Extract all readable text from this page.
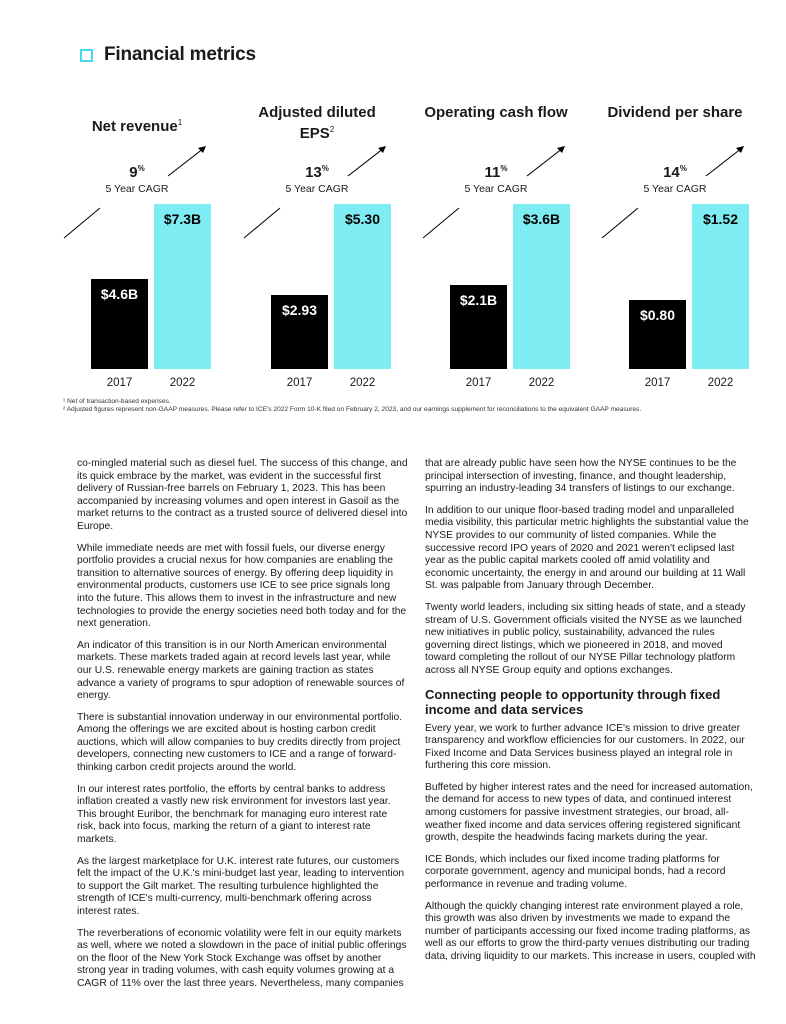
Financial metrics
Net revenue$^1$
9%
5 Year CAGR
$4.6B
$7.3B
2017	2022
Adjusted diluted EPS$^2$
13%
5 Year CAGR
$2.93
$5.30
2017	2022
Operating cash flow
11%
5 Year CAGR
$2.1B
$3.6B
2017	2022
Dividend per share
14%
5 Year CAGR
$0.80
$1.52
2017	2022
¹ Net of transaction-based expenses.
² Adjusted figures represent non-GAAP measures. Please refer to ICE's 2022 Form 10-K filed on February 2, 2023, and our earnings supplement for reconciliations to the equivalent GAAP measures.

co-mingled material such as diesel fuel. The success of this change, and its quick embrace by the market, was evident in the successful first delivery of Russian-free barrels on February 1, 2023. This has been accompanied by increasing volumes and open interest in Gasoil as the market returns to the contract as a trusted source of delivered diesel into Europe.

While immediate needs are met with fossil fuels, our diverse energy portfolio provides a crucial nexus for how companies are enabling the transition to alternative sources of energy. By offering deep liquidity in environmental products, customers use ICE to see price signals long into the future. This allows them to invest in the infrastructure and new technologies to provide the energy societies need both today and for the next generation.

An indicator of this transition is in our North American environmental markets. These markets traded again at record levels last year, while our U.S. renewable energy markets are gaining traction as states advance a variety of programs to spur adoption of renewable sources of energy.

There is substantial innovation underway in our environmental portfolio. Among the offerings we are excited about is hosting carbon credit auctions, which will allow companies to buy credits directly from project developers, connecting new customers to ICE and a range of forward-thinking carbon credit projects around the world.

In our interest rates portfolio, the efforts by central banks to address inflation created a vastly new risk environment for investors last year. This brought Euribor, the benchmark for managing euro interest rate risk, back into focus, marking the return of a giant to interest rate markets.

As the largest marketplace for U.K. interest rate futures, our customers felt the impact of the U.K.'s mini-budget last year, leading to intervention to support the Gilt market. The resulting turbulence highlighted the strength of ICE's multi-currency, multi-benchmark offering across interest rates.

The reverberations of economic volatility were felt in our equity markets as well, where we noted a slowdown in the pace of initial public offerings on the floor of the New York Stock Exchange was offset by another strong year in trading volumes, with cash equity volumes growing at a CAGR of 11% over the last three years. Nevertheless, many companies

that are already public have seen how the NYSE continues to be the principal intersection of investing, finance, and thought leadership, spurring an industry-leading 34 transfers of listings to our exchange.

In addition to our unique floor-based trading model and unparalleled media visibility, this particular metric highlights the substantial value the NYSE provides to our community of listed companies. While the successive record IPO years of 2020 and 2021 weren't eclipsed last year as the public capital markets cooled off amid volatility and economic uncertainty, the energy in and around our building at 11 Wall St. was palpable from January through December.

Twenty world leaders, including six sitting heads of state, and a steady stream of U.S. Government officials visited the NYSE as we launched new initiatives in public policy, sustainability, advanced the rules governing direct listings, which we pioneered in 2018, and moved toward completing the rollout of our NYSE Pillar technology platform across all NYSE Group equity and options exchanges.

Connecting people to opportunity through fixed income and data services

Every year, we work to further advance ICE's mission to drive greater transparency and workflow efficiencies for our customers. In 2022, our Fixed Income and Data Services business played an integral role in furthering this core mission.

Buffeted by higher interest rates and the need for increased automation, the demand for access to new types of data, and continued interest among customers for passive investment strategies, our broad, all-weather fixed income and data services offering registered significant growth, despite the headwinds facing markets during the year.

ICE Bonds, which includes our fixed income trading platforms for corporate government, agency and municipal bonds, had a record performance in revenue and trading volume.

Although the quickly changing interest rate environment played a role, this growth was also driven by investments we made to expand the number of participants accessing our fixed income trading platforms, as well as our efforts to grow the third-party venues distributing our trading data, driving liquidity to our markets. This increase in users, coupled with
